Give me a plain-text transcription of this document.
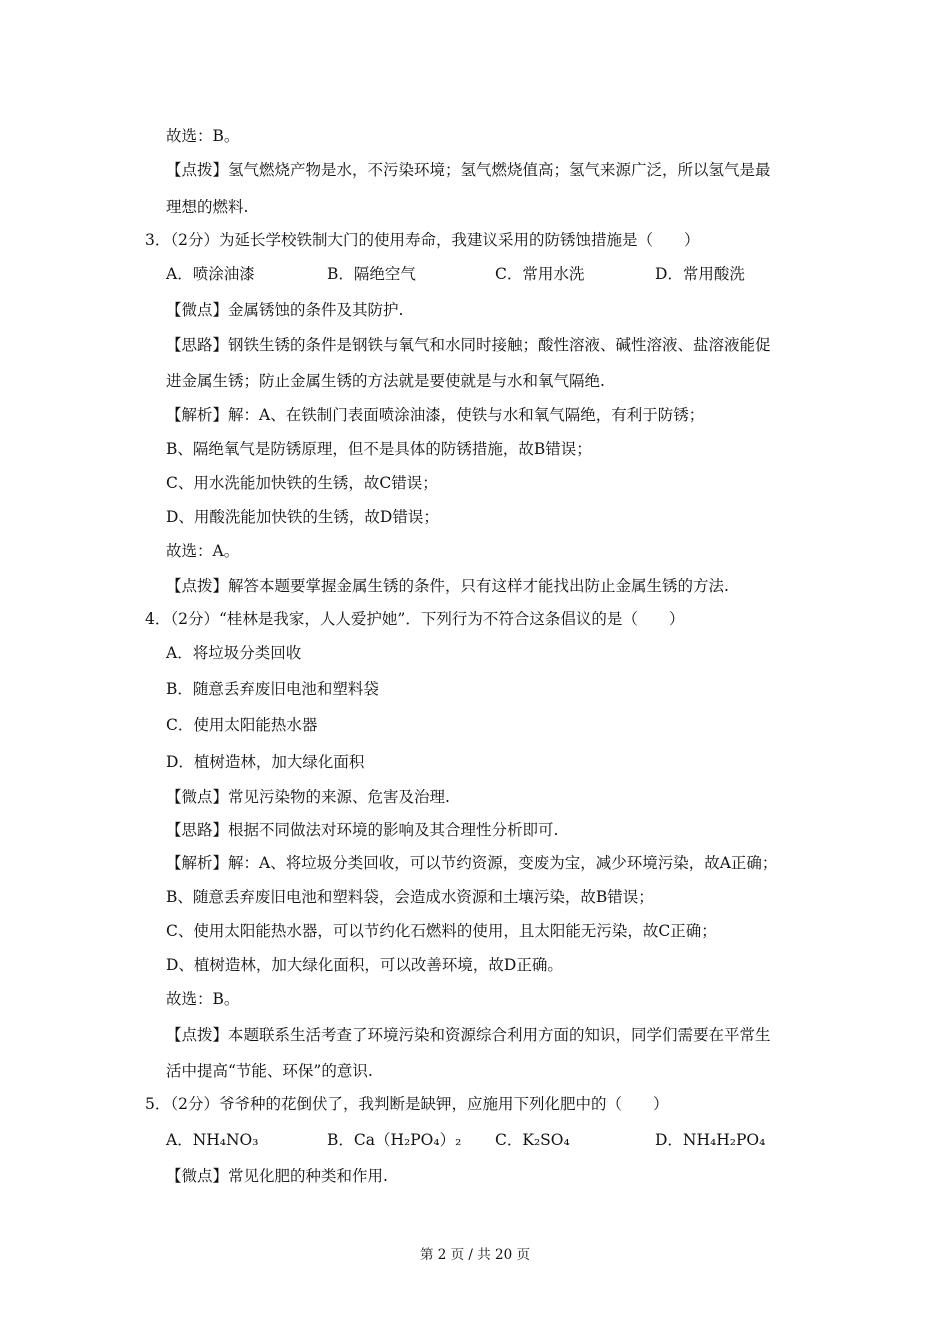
故选：B。
【点拨】氢气燃烧产物是水，不污染环境；氢气燃烧值高；氢气来源广泛，所以氢气是最
理想的燃料.
3．（2分）为延长学校铁制大门的使用寿命，我建议采用的防锈蚀措施是（　　）
A．喷涂油漆	B．隔绝空气	C．常用水洗	D．常用酸洗
【微点】金属锈蚀的条件及其防护.
【思路】钢铁生锈的条件是钢铁与氧气和水同时接触；酸性溶液、碱性溶液、盐溶液能促
进金属生锈；防止金属生锈的方法就是要使就是与水和氧气隔绝.
【解析】解：A、在铁制门表面喷涂油漆，使铁与水和氧气隔绝，有利于防锈；
B、隔绝氧气是防锈原理，但不是具体的防锈措施，故B错误；
C、用水洗能加快铁的生锈，故C错误；
D、用酸洗能加快铁的生锈，故D错误；
故选：A。
【点拨】解答本题要掌握金属生锈的条件，只有这样才能找出防止金属生锈的方法.
4．（2分）“桂林是我家，人人爱护她”．下列行为不符合这条倡议的是（　　）
A．将垃圾分类回收
B．随意丢弃废旧电池和塑料袋
C．使用太阳能热水器
D．植树造林，加大绿化面积
【微点】常见污染物的来源、危害及治理.
【思路】根据不同做法对环境的影响及其合理性分析即可.
【解析】解：A、将垃圾分类回收，可以节约资源，变废为宝，减少环境污染，故A正确；
B、随意丢弃废旧电池和塑料袋，会造成水资源和土壤污染，故B错误；
C、使用太阳能热水器，可以节约化石燃料的使用，且太阳能无污染，故C正确；
D、植树造林，加大绿化面积，可以改善环境，故D正确。
故选：B。
【点拨】本题联系生活考查了环境污染和资源综合利用方面的知识，同学们需要在平常生
活中提高“节能、环保”的意识.
5．（2分）爷爷种的花倒伏了，我判断是缺钾，应施用下列化肥中的（　　）
A．NH₄NO₃	B．Ca（H₂PO₄）₂ C．K₂SO₄	D．NH₄H₂PO₄
【微点】常见化肥的种类和作用.
第 2 页 / 共 20 页
